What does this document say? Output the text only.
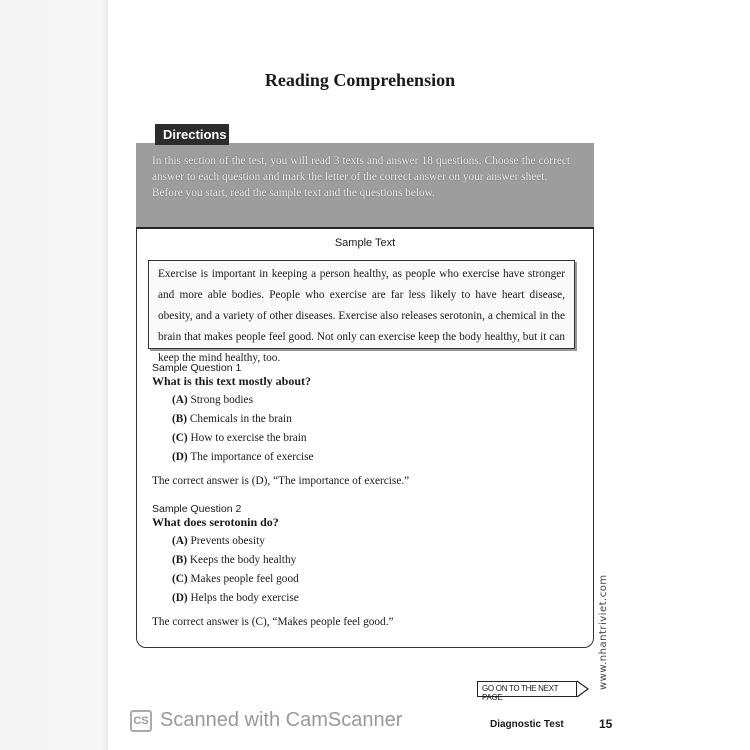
Reading Comprehension
Directions
In this section of the test, you will read 3 texts and answer 18 questions. Choose the correct answer to each question and mark the letter of the correct answer on your answer sheet.
Before you start, read the sample text and the questions below.
Sample Text
Exercise is important in keeping a person healthy, as people who exercise have stronger and more able bodies. People who exercise are far less likely to have heart disease, obesity, and a variety of other diseases. Exercise also releases serotonin, a chemical in the brain that makes people feel good. Not only can exercise keep the body healthy, but it can keep the mind healthy, too.
Sample Question 1
What is this text mostly about?
(A) Strong bodies
(B) Chemicals in the brain
(C) How to exercise the brain
(D) The importance of exercise
The correct answer is (D), “The importance of exercise.”
Sample Question 2
What does serotonin do?
(A) Prevents obesity
(B) Keeps the body healthy
(C) Makes people feel good
(D) Helps the body exercise
The correct answer is (C), “Makes people feel good.”
GO ON TO THE NEXT PAGE
www.nhantriviet.com
CS Scanned with CamScanner	Diagnostic Test	15
